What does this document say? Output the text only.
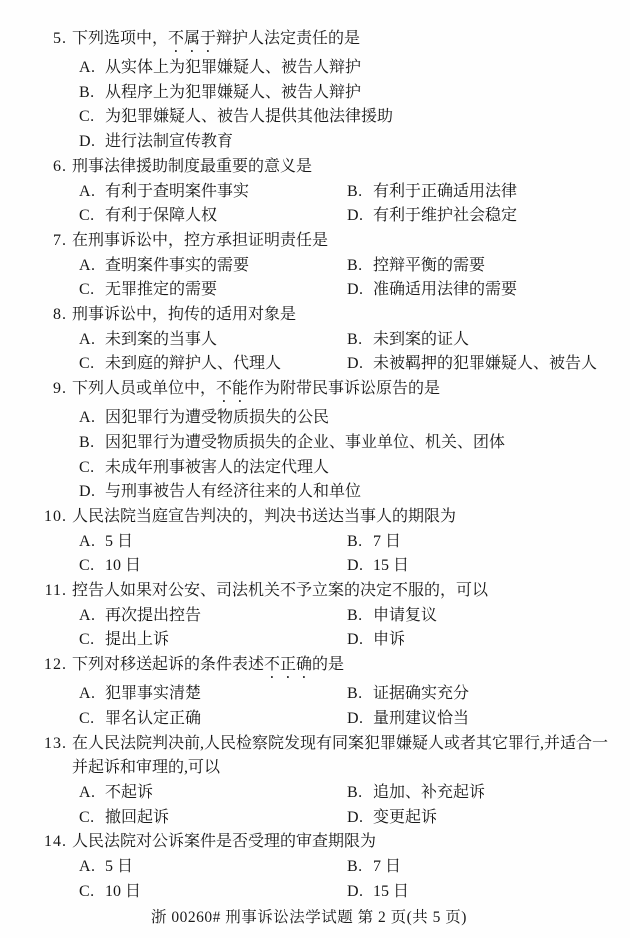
5. 下列选项中，不属于辩护人法定责任的是
A. 从实体上为犯罪嫌疑人、被告人辩护
B. 从程序上为犯罪嫌疑人、被告人辩护
C. 为犯罪嫌疑人、被告人提供其他法律援助
D. 进行法制宣传教育
6. 刑事法律援助制度最重要的意义是
A. 有利于查明案件事实	B. 有利于正确适用法律
C. 有利于保障人权	D. 有利于维护社会稳定
7. 在刑事诉讼中，控方承担证明责任是
A. 查明案件事实的需要	B. 控辩平衡的需要
C. 无罪推定的需要	D. 准确适用法律的需要
8. 刑事诉讼中，拘传的适用对象是
A. 未到案的当事人	B. 未到案的证人
C. 未到庭的辩护人、代理人	D. 未被羁押的犯罪嫌疑人、被告人
9. 下列人员或单位中，不能作为附带民事诉讼原告的是
A. 因犯罪行为遭受物质损失的公民
B. 因犯罪行为遭受物质损失的企业、事业单位、机关、团体
C. 未成年刑事被害人的法定代理人
D. 与刑事被告人有经济往来的人和单位
10. 人民法院当庭宣告判决的，判决书送达当事人的期限为
A. 5 日	B. 7 日
C. 10 日	D. 15 日
11. 控告人如果对公安、司法机关不予立案的决定不服的，可以
A. 再次提出控告	B. 申请复议
C. 提出上诉	D. 申诉
12. 下列对移送起诉的条件表述不正确的是
A. 犯罪事实清楚	B. 证据确实充分
C. 罪名认定正确	D. 量刑建议恰当
13. 在人民法院判决前,人民检察院发现有同案犯罪嫌疑人或者其它罪行,并适合一并起诉和审理的,可以
A. 不起诉	B. 追加、补充起诉
C. 撤回起诉	D. 变更起诉
14. 人民法院对公诉案件是否受理的审查期限为
A. 5 日	B. 7 日
C. 10 日	D. 15 日
浙 00260# 刑事诉讼法学试题 第 2 页(共 5 页)
